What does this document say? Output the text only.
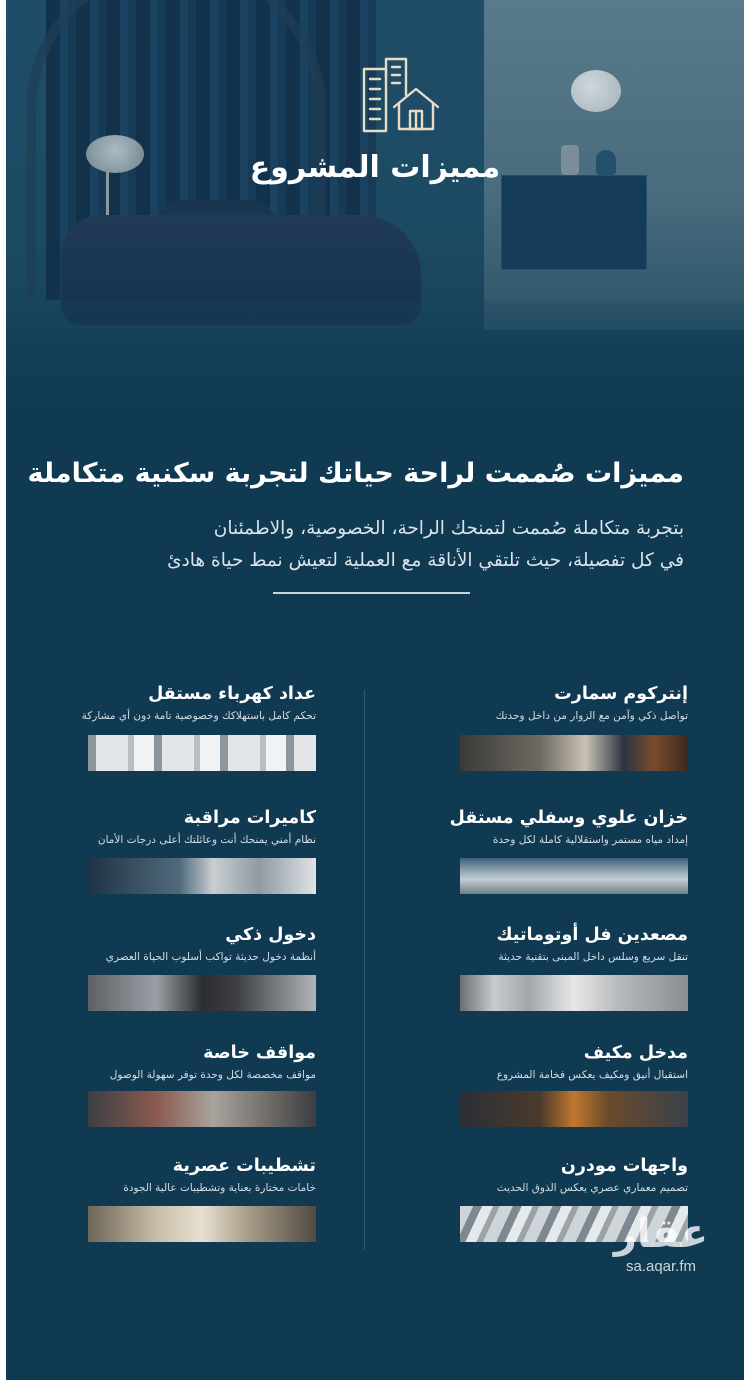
مميزات المشروع
مميزات صُممت لراحة حياتك لتجربة سكنية متكاملة
بتجربة متكاملة صُممت لتمنحك الراحة، الخصوصية، والاطمئنان
في كل تفصيلة، حيث تلتقي الأناقة مع العملية لتعيش نمط حياة هادئ
إنتركوم سمارت
تواصل ذكي وآمن مع الزوار من داخل وحدتك
عداد كهرباء مستقل
تحكم كامل باستهلاكك وخصوصية تامة دون أي مشاركة
خزان علوي وسفلي مستقل
إمداد مياه مستمر واستقلالية كاملة لكل وحدة
كاميرات مراقبة
نظام أمني يمنحك أنت وعائلتك أعلى درجات الأمان
مصعدين فل أوتوماتيك
تنقل سريع وسلس داخل المبنى بتقنية حديثة
دخول ذكي
أنظمة دخول حديثة تواكب أسلوب الحياة العصري
مدخل مكيف
استقبال أنيق ومكيف يعكس فخامة المشروع
مواقف خاصة
مواقف مخصصة لكل وحدة توفر سهولة الوصول
واجهات مودرن
تصميم معماري عصري يعكس الذوق الحديث
تشطيبات عصرية
خامات مختارة بعناية وتشطيبات عالية الجودة
عقار
sa.aqar.fm
